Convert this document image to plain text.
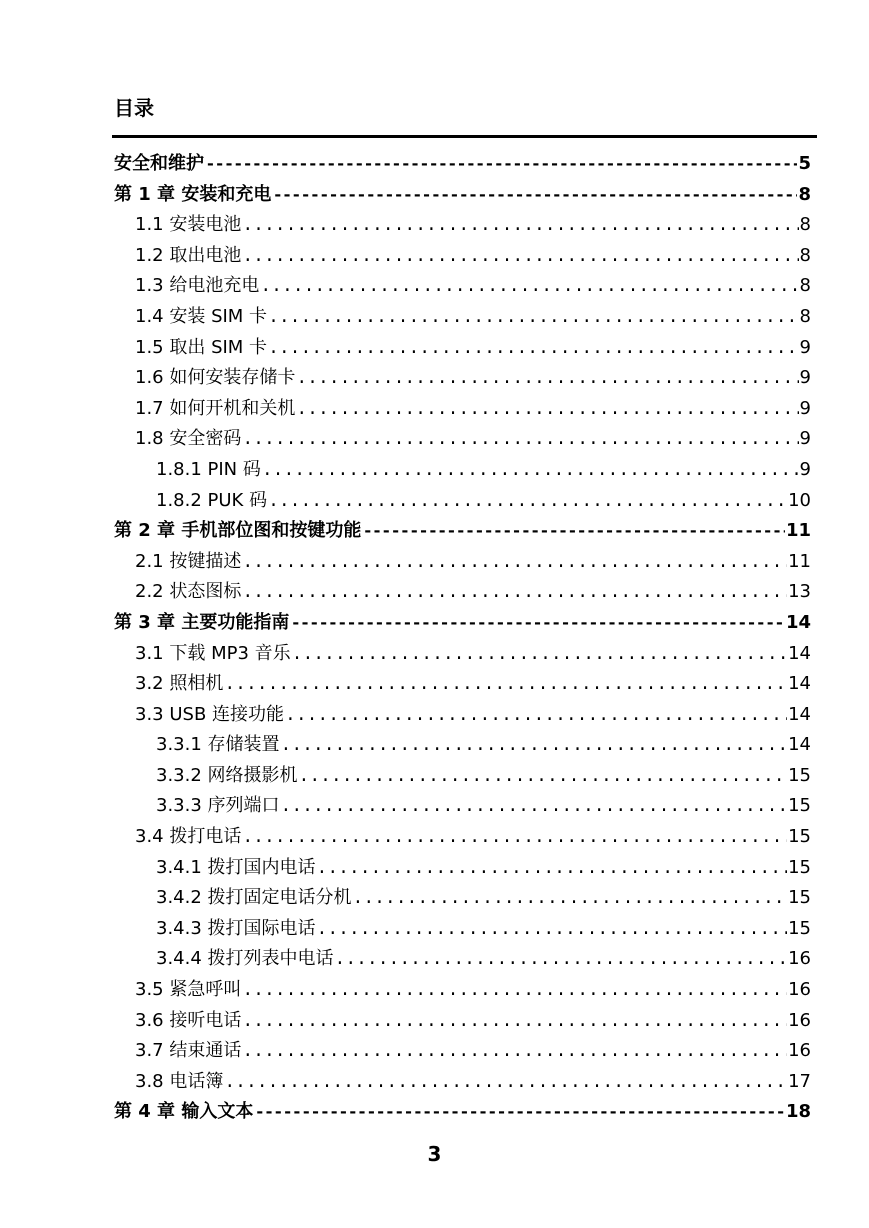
目录
安全和维护 -----	5
第 1 章 安装和充电 -----	8
1.1 安装电池 .....	8
1.2 取出电池 .....	8
1.3 给电池充电 .....	8
1.4 安装 SIM 卡 .....	8
1.5 取出 SIM 卡 .....	9
1.6 如何安装存储卡 .....	9
1.7 如何开机和关机 .....	9
1.8 安全密码 .....	9
1.8.1 PIN 码 .....	9
1.8.2 PUK 码 .....	10
第 2 章 手机部位图和按键功能 -----	11
2.1 按键描述 .....	11
2.2 状态图标 .....	13
第 3 章 主要功能指南 -----	14
3.1 下载 MP3 音乐 .....	14
3.2 照相机 .....	14
3.3 USB 连接功能 .....	14
3.3.1 存储装置 .....	14
3.3.2 网络摄影机 .....	15
3.3.3 序列端口 .....	15
3.4 拨打电话 .....	15
3.4.1 拨打国内电话 .....	15
3.4.2 拨打固定电话分机 .....	15
3.4.3 拨打国际电话 .....	15
3.4.4 拨打列表中电话 .....	16
3.5 紧急呼叫 .....	16
3.6 接听电话 .....	16
3.7 结束通话 .....	16
3.8 电话簿 .....	17
第 4 章 输入文本 -----	18
3
